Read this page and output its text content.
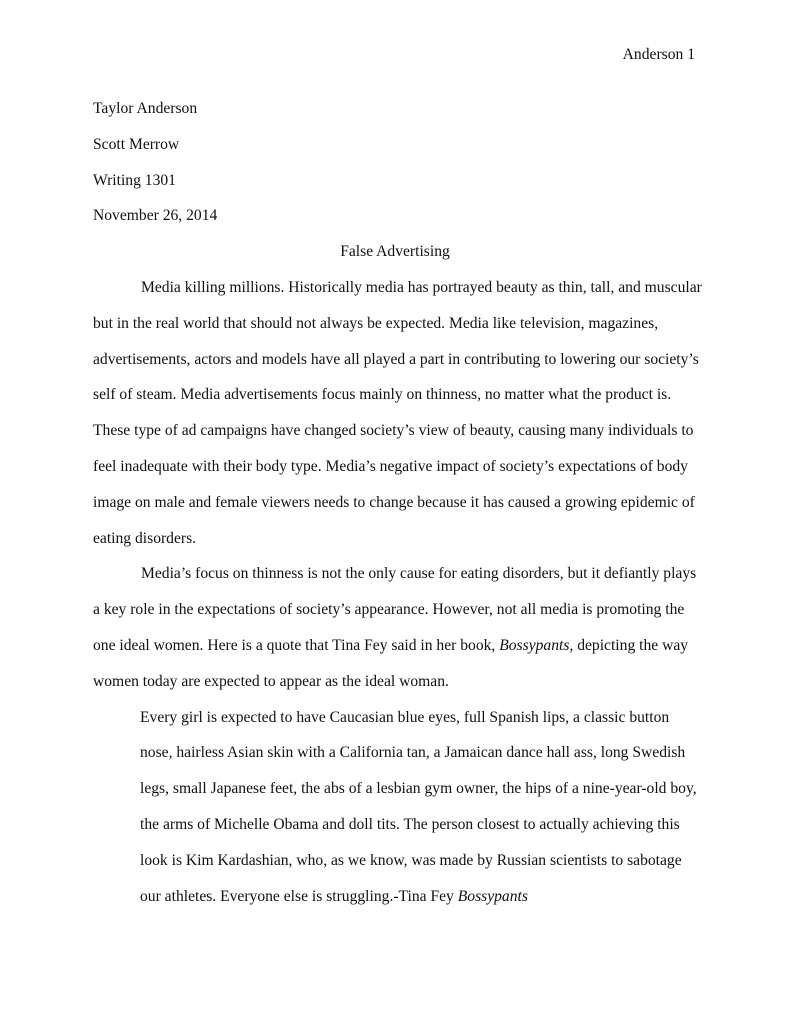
Anderson 1

Taylor Anderson

Scott Merrow

Writing 1301

November 26, 2014

False Advertising

Media killing millions. Historically media has portrayed beauty as thin, tall, and muscular
but in the real world that should not always be expected. Media like television, magazines,
advertisements, actors and models have all played a part in contributing to lowering our society’s
self of steam. Media advertisements focus mainly on thinness, no matter what the product is.
These type of ad campaigns have changed society’s view of beauty, causing many individuals to
feel inadequate with their body type. Media’s negative impact of society’s expectations of body
image on male and female viewers needs to change because it has caused a growing epidemic of
eating disorders.
Media’s focus on thinness is not the only cause for eating disorders, but it defiantly plays
a key role in the expectations of society’s appearance. However, not all media is promoting the
one ideal women. Here is a quote that Tina Fey said in her book, Bossypants, depicting the way
women today are expected to appear as the ideal woman.
Every girl is expected to have Caucasian blue eyes, full Spanish lips, a classic button
nose, hairless Asian skin with a California tan, a Jamaican dance hall ass, long Swedish
legs, small Japanese feet, the abs of a lesbian gym owner, the hips of a nine-year-old boy,
the arms of Michelle Obama and doll tits. The person closest to actually achieving this
look is Kim Kardashian, who, as we know, was made by Russian scientists to sabotage
our athletes. Everyone else is struggling.-Tina Fey Bossypants
